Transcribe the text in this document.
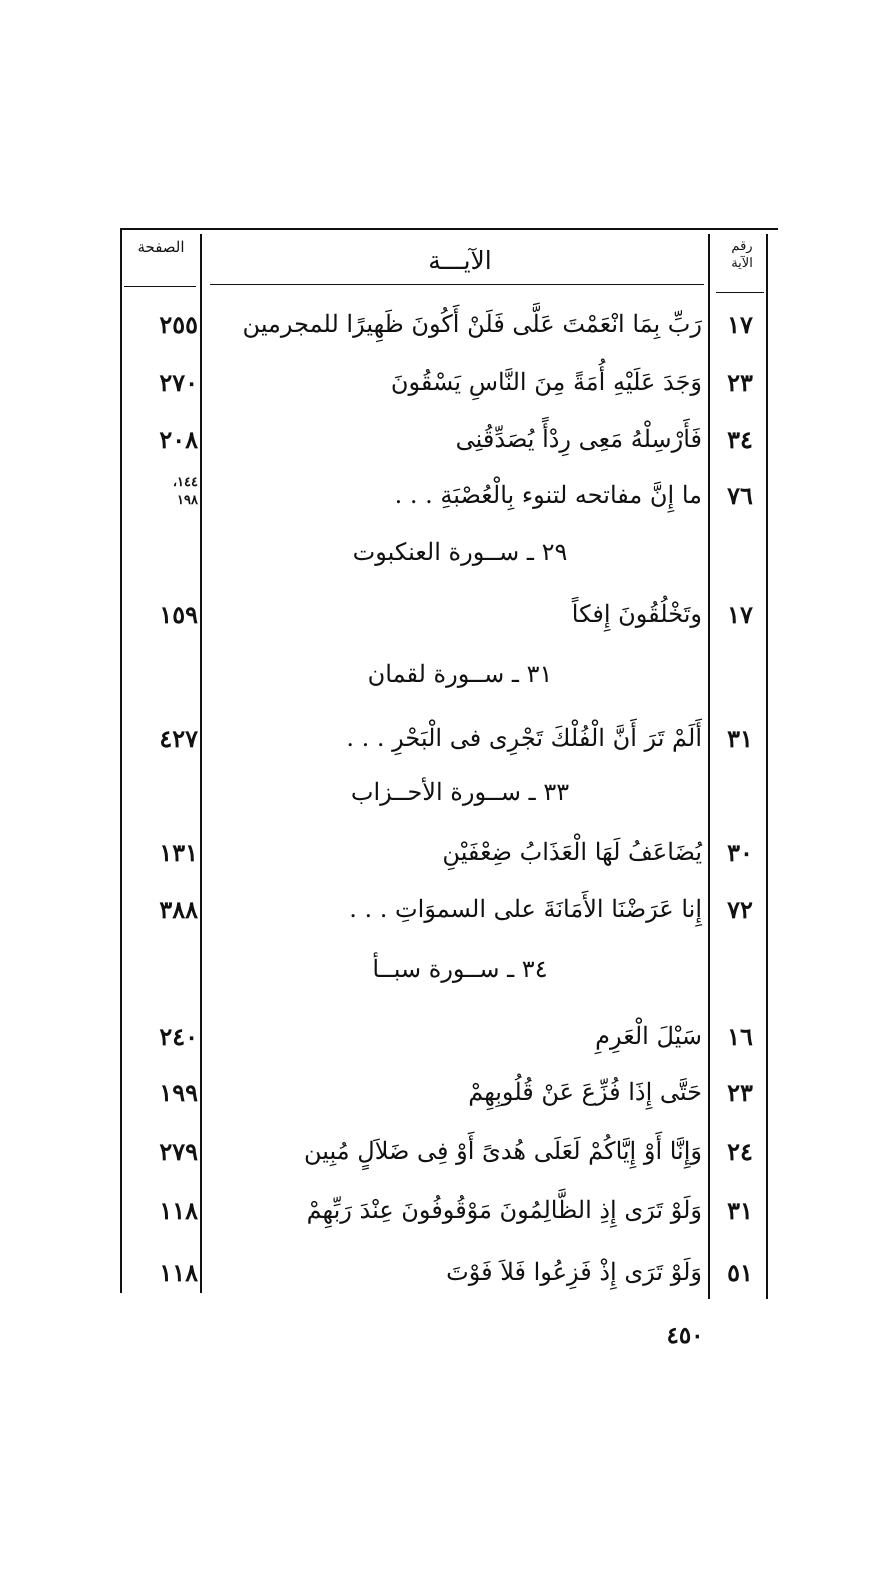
الصفحة	الآيـــة	رقم
الآية
١٧
رَبِّ بِمَا انْعَمْتَ عَلَّى فَلَنْ أَكُونَ ظَهِيرًا للمجرمين
٢٥٥
٢٣
وَجَدَ عَلَيْهِ أُمَةً مِنَ النَّاسِ يَسْقُونَ
٢٧٠
٣٤
فَأَرْسِلْهُ مَعِى رِدْأً يُصَدِّقُنِى
٢٠٨
٧٦
ما إِنَّ مفاتحه لتنوء بِالْعُصْبَةِ . . .
١٤٤،
١٩٨
٢٩ ـ ســورة العنكبوت
١٧
وتَخْلُقُونَ إِفكاً
١٥٩
٣١ ـ ســورة لقمان
٣١
أَلَمْ تَرَ أَنَّ الْفُلْكَ تَجْرِى فى الْبَحْرِ . . .
٤٢٧
٣٣ ـ ســورة الأحــزاب
٣٠
يُضَاعَفُ لَهَا الْعَذَابُ ضِعْفَيْنِ
١٣١
٧٢
إِنا عَرَضْنَا الأَمَانَةَ على السموَاتِ . . .
٣٨٨
٣٤ ـ ســورة سبــأ
١٦
سَيْلَ الْعَرِمِ
٢٤٠
٢٣
حَتَّى إِذَا فُزِّعَ عَنْ قُلُوبِهِمْ
١٩٩
٢٤
وَإِنَّا أَوْ إِيَّاكُمْ لَعَلَى هُدىً أَوْ فِى ضَلاَلٍ مُبِين
٢٧٩
٣١
وَلَوْ تَرَى إِذِ الظَّالِمُونَ مَوْقُوفُونَ عِنْدَ رَبِّهِمْ
١١٨
٥١
وَلَوْ تَرَى إِذْ فَزِعُوا فَلاَ فَوْتَ
١١٨
٤٥٠
